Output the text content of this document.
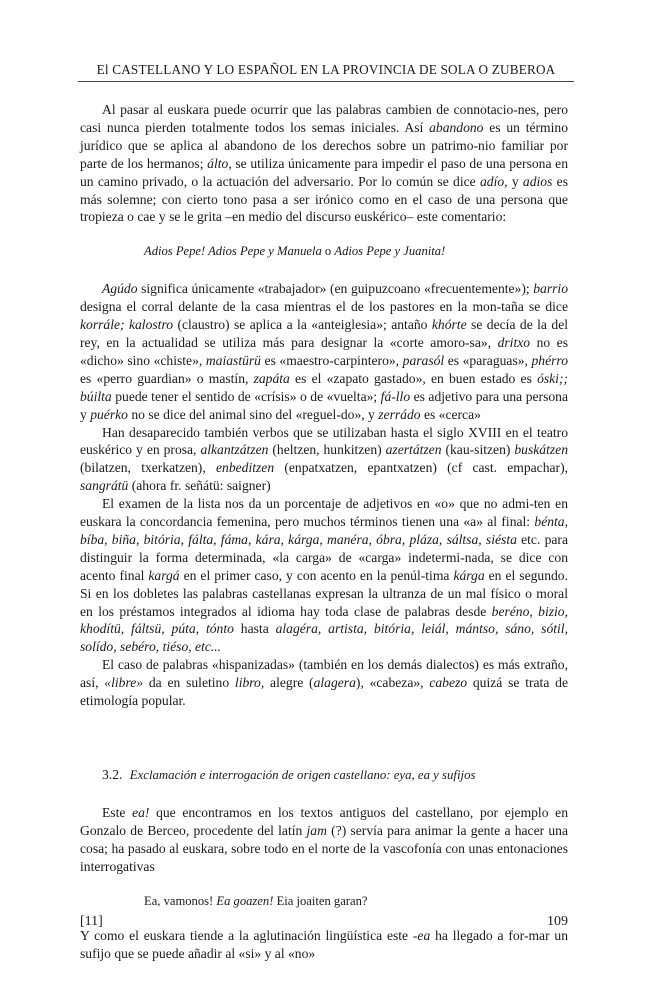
El CASTELLANO Y LO ESPAÑOL EN LA PROVINCIA DE SOLA O ZUBEROA

Al pasar al euskara puede ocurrir que las palabras cambien de connotacio-nes, pero casi nunca pierden totalmente todos los semas iniciales. Así abandono es un término jurídico que se aplica al abandono de los derechos sobre un patrimo-nio familiar por parte de los hermanos; álto, se utiliza únicamente para impedir el paso de una persona en un camino privado, o la actuación del adversario. Por lo común se dice adío, y adios es más solemne; con cierto tono pasa a ser irónico como en el caso de una persona que tropieza o cae y se le grita –en medio del discurso euskérico– este comentario:

Adios Pepe! Adios Pepe y Manuela o Adios Pepe y Juanita!

Agúdo significa únicamente «trabajador» (en guipuzcoano «frecuentemente»); barrio designa el corral delante de la casa mientras el de los pastores en la mon-taña se dice korrále; kalostro (claustro) se aplica a la «anteiglesia»; antaño khórte se decía de la del rey, en la actualidad se utiliza más para designar la «corte amoro-sa», dritxo no es «dicho» sino «chiste», maiastürü es «maestro-carpintero», parasól es «paraguas», phérro es «perro guardian» o mastín, zapáta es el «zapato gastado», en buen estado es óski;; búilta puede tener el sentido de «crísis» o de «vuelta»; fá-llo es adjetivo para una persona y puérko no se dice del animal sino del «reguel-do», y zerrádo es «cerca»

Han desaparecido también verbos que se utilizaban hasta el siglo XVIII en el teatro euskérico y en prosa, alkantzátzen (heltzen, hunkitzen) azertátzen (kau-sitzen) buskátzen (bilatzen, txerkatzen), enbeditzen (enpatxatzen, epantxatzen) (cf cast. empachar), sangrátü (ahora fr. señátü: saigner)

El examen de la lista nos da un porcentaje de adjetivos en «o» que no admi-ten en euskara la concordancia femenina, pero muchos términos tienen una «a» al final: bénta, bíba, biña, bitória, fálta, fáma, kára, kárga, manéra, óbra, pláza, sáltsa, siésta etc. para distinguir la forma determinada, «la carga» de «carga» indetermi-nada, se dice con acento final kargá en el primer caso, y con acento en la penúl-tima kárga en el segundo. Si en los dobletes las palabras castellanas expresan la ultranza de un mal físico o moral en los préstamos integrados al idioma hay toda clase de palabras desde beréno, bizio, khodítü, fáltsü, púta, tónto hasta alagéra, artista, bitória, leiál, mántso, sáno, sótil, solído, sebéro, tiéso, etc...

El caso de palabras «hispanizadas» (también en los demás dialectos) es más extraño, así, «libre» da en suletino libro, alegre (alagera), «cabeza», cabezo quizá se trata de etimología popular.

3.2. Exclamación e interrogación de origen castellano: eya, ea y sufijos

Este ea! que encontramos en los textos antiguos del castellano, por ejemplo en Gonzalo de Berceo, procedente del latín jam (?) servía para animar la gente a hacer una cosa; ha pasado al euskara, sobre todo en el norte de la vascofonía con unas entonaciones interrogativas

Ea, vamonos! Ea goazen! Eia joaiten garan?

Y como el euskara tiende a la aglutinación lingüística este -ea ha llegado a for-mar un sufijo que se puede añadir al «si» y al «no»

[11]	109
